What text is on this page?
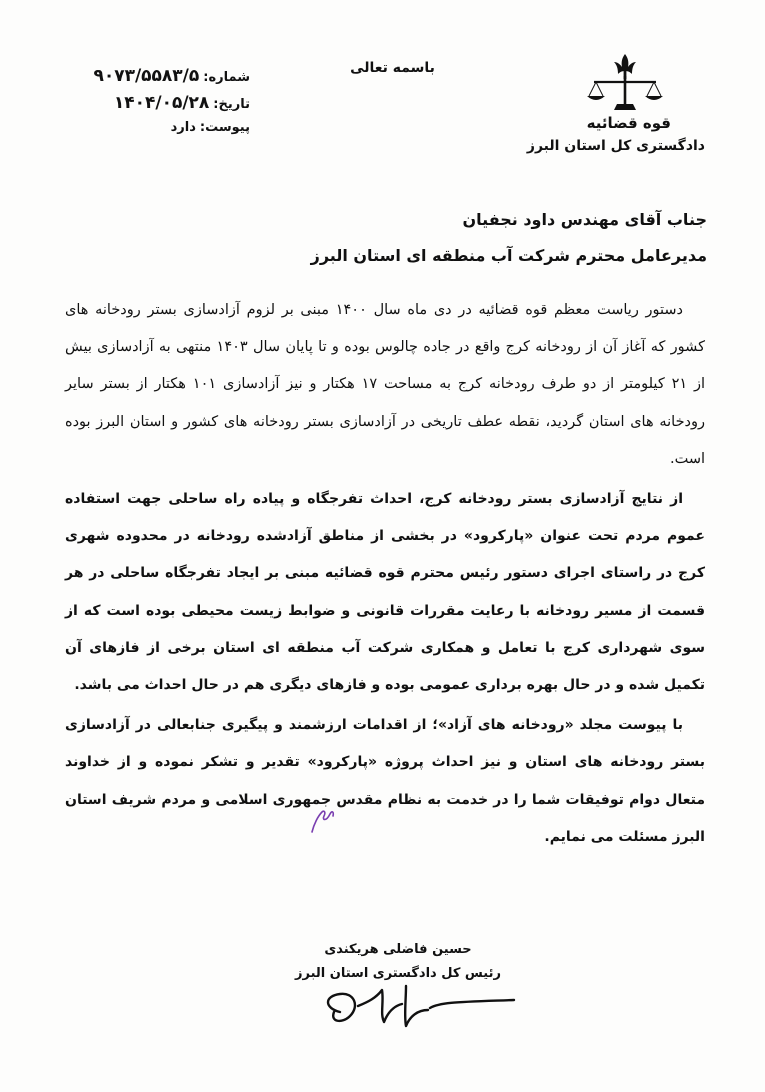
قوه قضائیه
دادگستری کل استان البرز
باسمه تعالی
شماره:
۹۰۷۳/۵۵۸۳/۵
تاریخ:
۱۴۰۴/۰۵/۲۸
پیوست:
دارد
جناب آقای مهندس داود نجفیان
مدیرعامل محترم شرکت آب منطقه ای استان البرز

دستور ریاست معظم قوه قضائیه در دی ماه سال ۱۴۰۰ مبنی بر لزوم آزادسازی بستر رودخانه های کشور که آغاز آن از رودخانه کرج واقع در جاده چالوس بوده و تا پایان سال ۱۴۰۳ منتهی به آزادسازی بیش از ۲۱ کیلومتر از دو طرف رودخانه کرج به مساحت ۱۷ هکتار و نیز آزادسازی ۱۰۱ هکتار از بستر سایر رودخانه های استان گردید، نقطه عطف تاریخی در آزادسازی بستر رودخانه های کشور و استان البرز بوده است.

از نتایج آزادسازی بستر رودخانه کرج، احداث تفرجگاه و پیاده راه ساحلی جهت استفاده عموم مردم تحت عنوان «پارکرود» در بخشی از مناطق آزادشده رودخانه در محدوده شهری کرج در راستای اجرای دستور رئیس محترم قوه قضائیه مبنی بر ایجاد تفرجگاه ساحلی در هر قسمت از مسیر رودخانه با رعایت مقررات قانونی و ضوابط زیست محیطی بوده است که از سوی شهرداری کرج با تعامل و همکاری شرکت آب منطقه ای استان برخی از فازهای آن تکمیل شده و در حال بهره برداری عمومی بوده و فازهای دیگری هم در حال احداث می باشد.

با پیوست مجلد «رودخانه های آزاد»؛ از اقدامات ارزشمند و پیگیری جنابعالی در آزادسازی بستر رودخانه های استان و نیز احداث پروژه «پارکرود» تقدیر و تشکر نموده و از خداوند متعال دوام توفیقات شما را در خدمت به نظام مقدس جمهوری اسلامی و مردم شریف استان البرز مسئلت می نمایم.

حسین فاضلی هریکندی
رئیس کل دادگستری استان البرز
